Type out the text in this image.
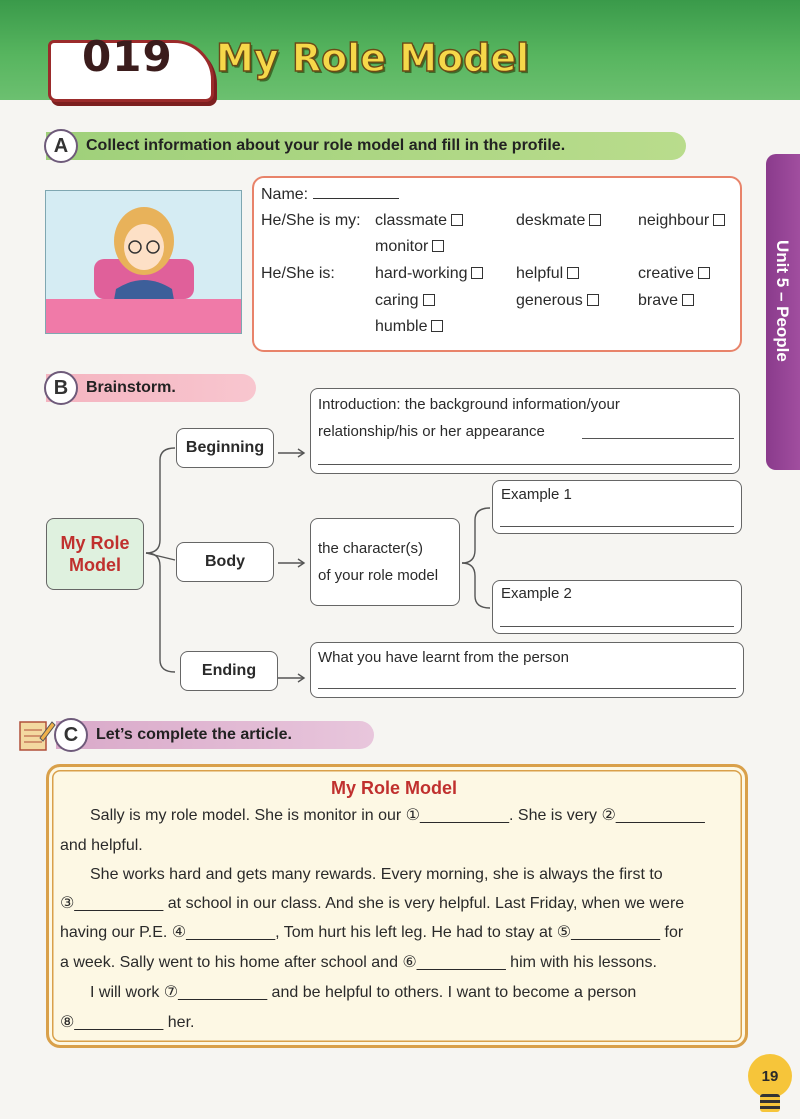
019 My Role Model
Unit 5 – People
A	Collect information about your role model and fill in the profile.
Name:
He/She is my: classmate	deskmate	neighbour
monitor
He/She is:	hard-working	helpful	creative
caring	generous	brave
humble
B	Brainstorm.
My Role Model
Beginning
Body
Ending
Introduction: the background information/your
relationship/his or her appearance
the character(s)
of your role model
Example 1
Example 2
What you have learnt from the person
C	Let’s complete the article.
My Role Model
Sally is my role model. She is monitor in our ①__________. She is very ②__________
and helpful.
She works hard and gets many rewards. Every morning, she is always the first to
③__________ at school in our class. And she is very helpful. Last Friday, when we were
having our P.E. ④__________, Tom hurt his left leg. He had to stay at ⑤__________ for
a week. Sally went to his home after school and ⑥__________ him with his lessons.
I will work ⑦__________ and be helpful to others. I want to become a person
⑧__________ her.
19
